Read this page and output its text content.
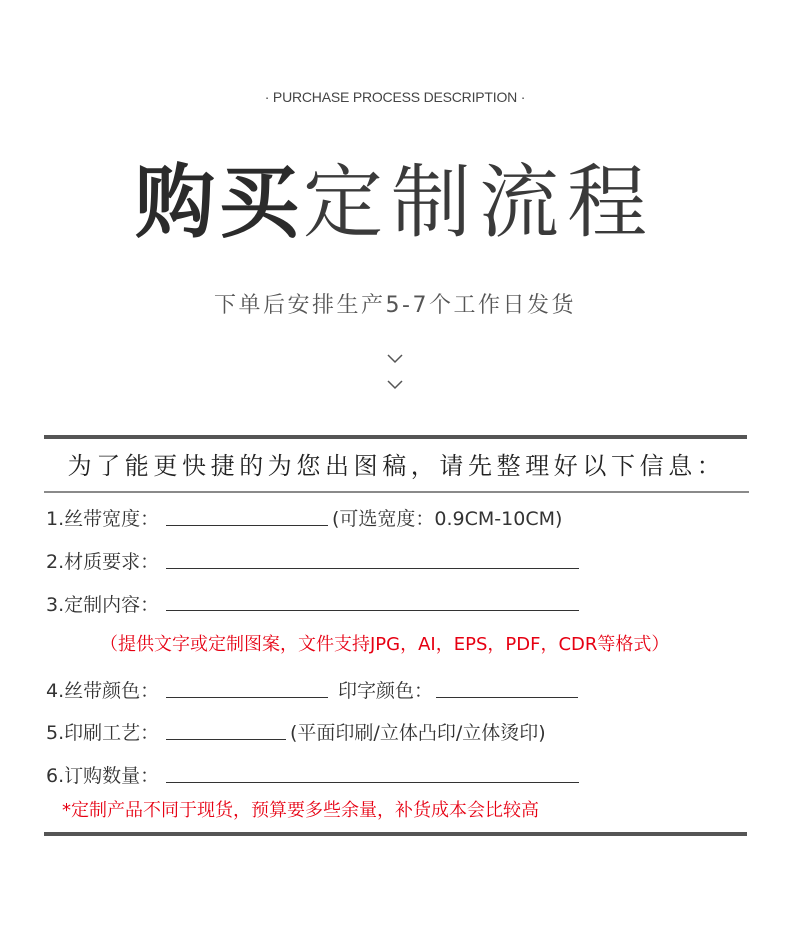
· PURCHASE PROCESS DESCRIPTION ·
购买定制流程
下单后安排生产5-7个工作日发货
为了能更快捷的为您出图稿，请先整理好以下信息：
1.丝带宽度：	(可选宽度：0.9CM-10CM)
2.材质要求：
3.定制内容：
（提供文字或定制图案，文件支持JPG，AI，EPS，PDF，CDR等格式）
4.丝带颜色：	印字颜色：
5.印刷工艺：	(平面印刷/立体凸印/立体烫印)
6.订购数量：
*定制产品不同于现货，预算要多些余量，补货成本会比较高
